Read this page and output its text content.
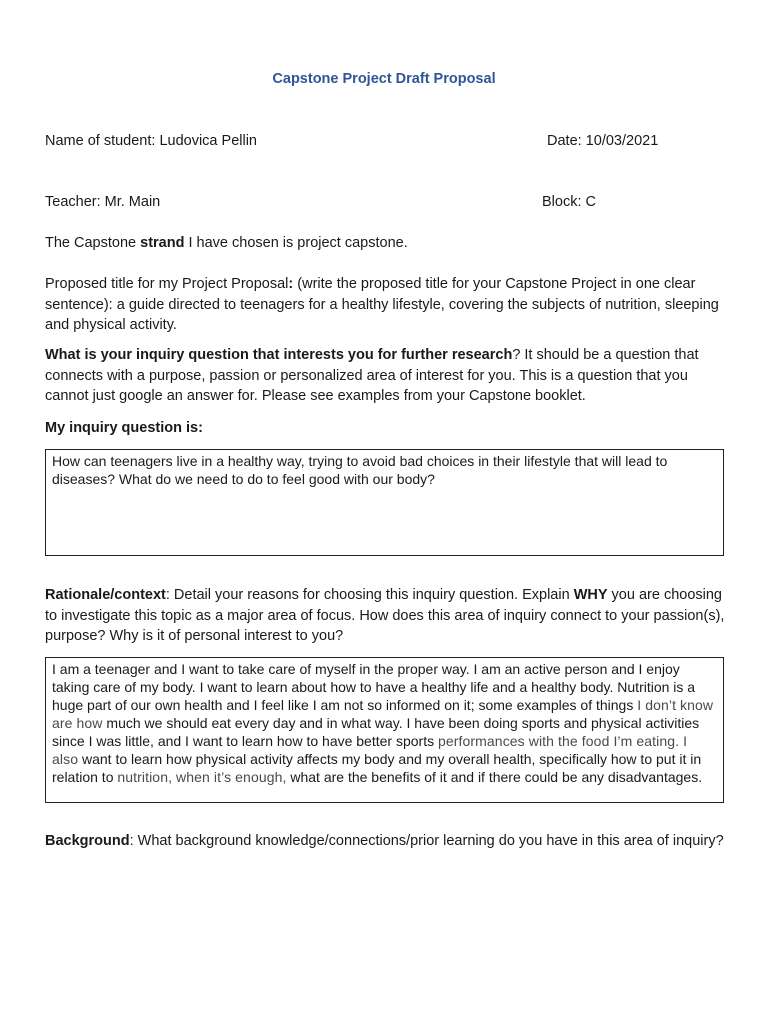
Capstone Project Draft Proposal
Name of student: Ludovica Pellin	Date: 10/03/2021
Teacher: Mr. Main	Block: C
The Capstone strand I have chosen is project capstone.
Proposed title for my Project Proposal: (write the proposed title for your Capstone Project in one clear sentence): a guide directed to teenagers for a healthy lifestyle, covering the subjects of nutrition, sleeping and physical activity.
What is your inquiry question that interests you for further research? It should be a question that connects with a purpose, passion or personalized area of interest for you. This is a question that you cannot just google an answer for. Please see examples from your Capstone booklet.
My inquiry question is:

How can teenagers live in a healthy way, trying to avoid bad choices in their lifestyle that will lead to diseases? What do we need to do to feel good with our body?

Rationale/context: Detail your reasons for choosing this inquiry question. Explain WHY you are choosing to investigate this topic as a major area of focus. How does this area of inquiry connect to your passion(s), purpose? Why is it of personal interest to you?

I am a teenager and I want to take care of myself in the proper way. I am an active person and I enjoy taking care of my body. I want to learn about how to have a healthy life and a healthy body. Nutrition is a huge part of our own health and I feel like I am not so informed on it; some examples of things I don’t know are how much we should eat every day and in what way. I have been doing sports and physical activities since I was little, and I want to learn how to have better sports performances with the food I’m eating. I also want to learn how physical activity affects my body and my overall health, specifically how to put it in relation to nutrition, when it’s enough, what are the benefits of it and if there could be any disadvantages.

Background: What background knowledge/connections/prior learning do you have in this area of inquiry?
